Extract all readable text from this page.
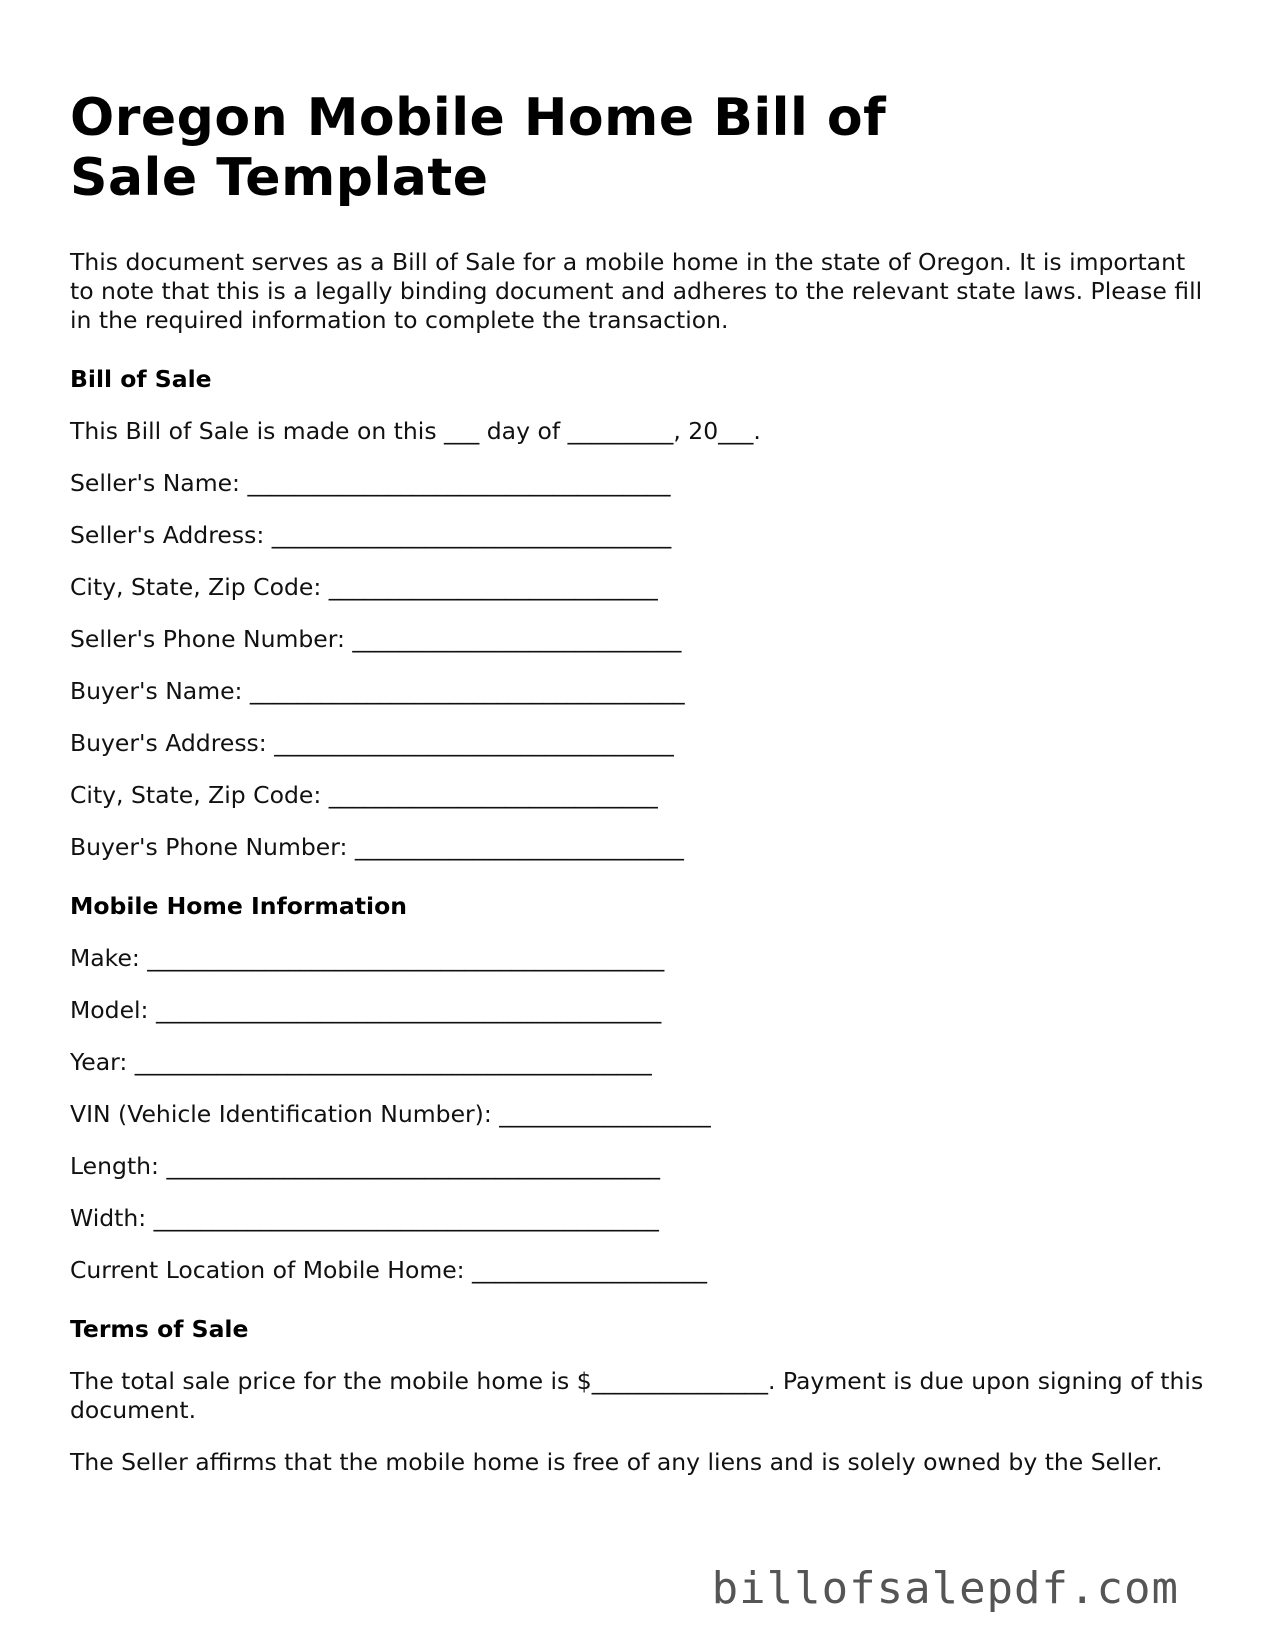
Oregon Mobile Home Bill of Sale Template

This document serves as a Bill of Sale for a mobile home in the state of Oregon. It is important to note that this is a legally binding document and adheres to the relevant state laws. Please fill in the required information to complete the transaction.

Bill of Sale
This Bill of Sale is made on this ___ day of _________, 20___.
Seller's Name: ____________________________________
Seller's Address: __________________________________
City, State, Zip Code: ____________________________
Seller's Phone Number: ____________________________
Buyer's Name: _____________________________________
Buyer's Address: __________________________________
City, State, Zip Code: ____________________________
Buyer's Phone Number: ____________________________
Mobile Home Information
Make: ____________________________________________
Model: ___________________________________________
Year: ____________________________________________
VIN (Vehicle Identification Number): __________________
Length: __________________________________________
Width: ___________________________________________
Current Location of Mobile Home: ____________________
Terms of Sale

The total sale price for the mobile home is $_______________. Payment is due upon signing of this document.

The Seller affirms that the mobile home is free of any liens and is solely owned by the Seller.

billofsalepdf.com
